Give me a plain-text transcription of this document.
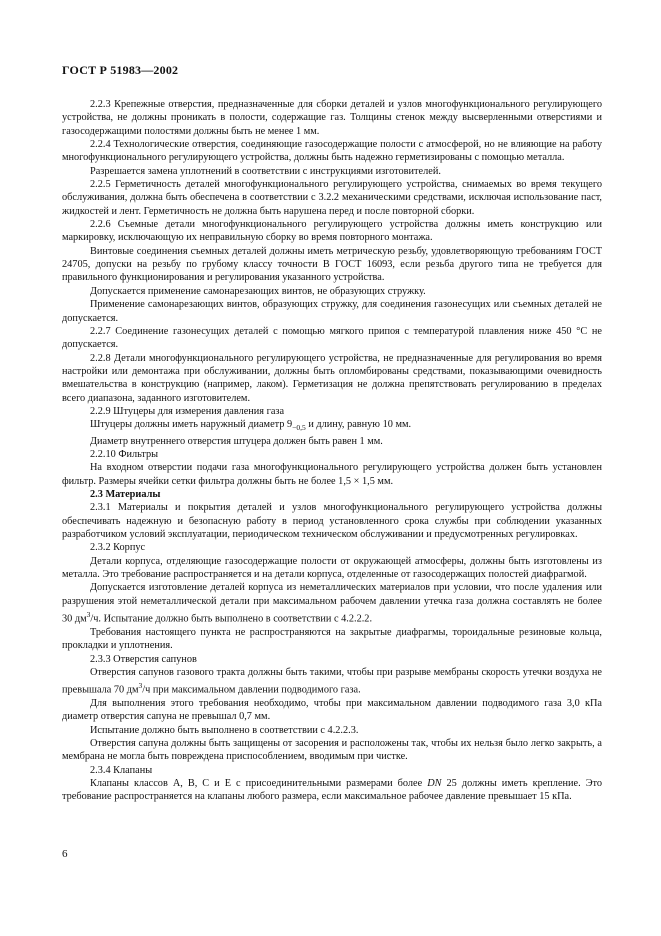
ГОСТ Р 51983—2002

2.2.3 Крепежные отверстия, предназначенные для сборки деталей и узлов многофункционального регулирующего устройства, не должны проникать в полости, содержащие газ. Толщины стенок между высверленными отверстиями и газосодержащими полостями должны быть не менее 1 мм.

2.2.4 Технологические отверстия, соединяющие газосодержащие полости с атмосферой, но не влияющие на работу многофункционального регулирующего устройства, должны быть надежно герметизированы с помощью металла.

Разрешается замена уплотнений в соответствии с инструкциями изготовителей.

2.2.5 Герметичность деталей многофункционального регулирующего устройства, снимаемых во время текущего обслуживания, должна быть обеспечена в соответствии с 3.2.2 механическими средствами, исключая использование паст, жидкостей и лент. Герметичность не должна быть нарушена перед и после повторной сборки.

2.2.6 Съемные детали многофункционального регулирующего устройства должны иметь конструкцию или маркировку, исключающую их неправильную сборку во время повторного монтажа.

Винтовые соединения съемных деталей должны иметь метрическую резьбу, удовлетворяющую требованиям ГОСТ 24705, допуски на резьбу по грубому классу точности В ГОСТ 16093, если резьба другого типа не требуется для правильного функционирования и регулирования указанного устройства.

Допускается применение самонарезающих винтов, не образующих стружку.

Применение самонарезающих винтов, образующих стружку, для соединения газонесущих или съемных деталей не допускается.

2.2.7 Соединение газонесущих деталей с помощью мягкого припоя с температурой плавления ниже 450 °С не допускается.

2.2.8 Детали многофункционального регулирующего устройства, не предназначенные для регулирования во время настройки или демонтажа при обслуживании, должны быть опломбированы средствами, показывающими очевидность вмешательства в конструкцию (например, лаком). Герметизация не должна препятствовать регулированию в пределах всего диапазона, заданного изготовителем.

2.2.9 Штуцеры для измерения давления газа

Штуцеры должны иметь наружный диаметр $9_{-0,5}$ и длину, равную 10 мм.

Диаметр внутреннего отверстия штуцера должен быть равен 1 мм.

2.2.10 Фильтры

На входном отверстии подачи газа многофункционального регулирующего устройства должен быть установлен фильтр. Размеры ячейки сетки фильтра должны быть не более 1,5 × 1,5 мм.

2.3 Материалы

2.3.1 Материалы и покрытия деталей и узлов многофункционального регулирующего устройства должны обеспечивать надежную и безопасную работу в период установленного срока службы при соблюдении указанных разработчиком условий эксплуатации, периодическом техническом обслуживании и предусмотренных регулировках.

2.3.2 Корпус

Детали корпуса, отделяющие газосодержащие полости от окружающей атмосферы, должны быть изготовлены из металла. Это требование распространяется и на детали корпуса, отделенные от газосодержащих полостей диафрагмой.

Допускается изготовление деталей корпуса из неметаллических материалов при условии, что после удаления или разрушения этой неметаллической детали при максимальном рабочем давлении утечка газа должна составлять не более 30 $дм^3/ч$. Испытание должно быть выполнено в соответствии с 4.2.2.2.

Требования настоящего пункта не распространяются на закрытые диафрагмы, тороидальные резиновые кольца, прокладки и уплотнения.

2.3.3 Отверстия сапунов

Отверстия сапунов газового тракта должны быть такими, чтобы при разрыве мембраны скорость утечки воздуха не превышала 70 $дм^3/ч$ при максимальном давлении подводимого газа.

Для выполнения этого требования необходимо, чтобы при максимальном давлении подводимого газа 3,0 кПа диаметр отверстия сапуна не превышал 0,7 мм.

Испытание должно быть выполнено в соответствии с 4.2.2.3.

Отверстия сапуна должны быть защищены от засорения и расположены так, чтобы их нельзя было легко закрыть, а мембрана не могла быть повреждена приспособлением, вводимым при чистке.

2.3.4 Клапаны

Клапаны классов А, В, С и Е с присоединительными размерами более DN 25 должны иметь крепление. Это требование распространяется на клапаны любого размера, если максимальное рабочее давление превышает 15 кПа.

6
